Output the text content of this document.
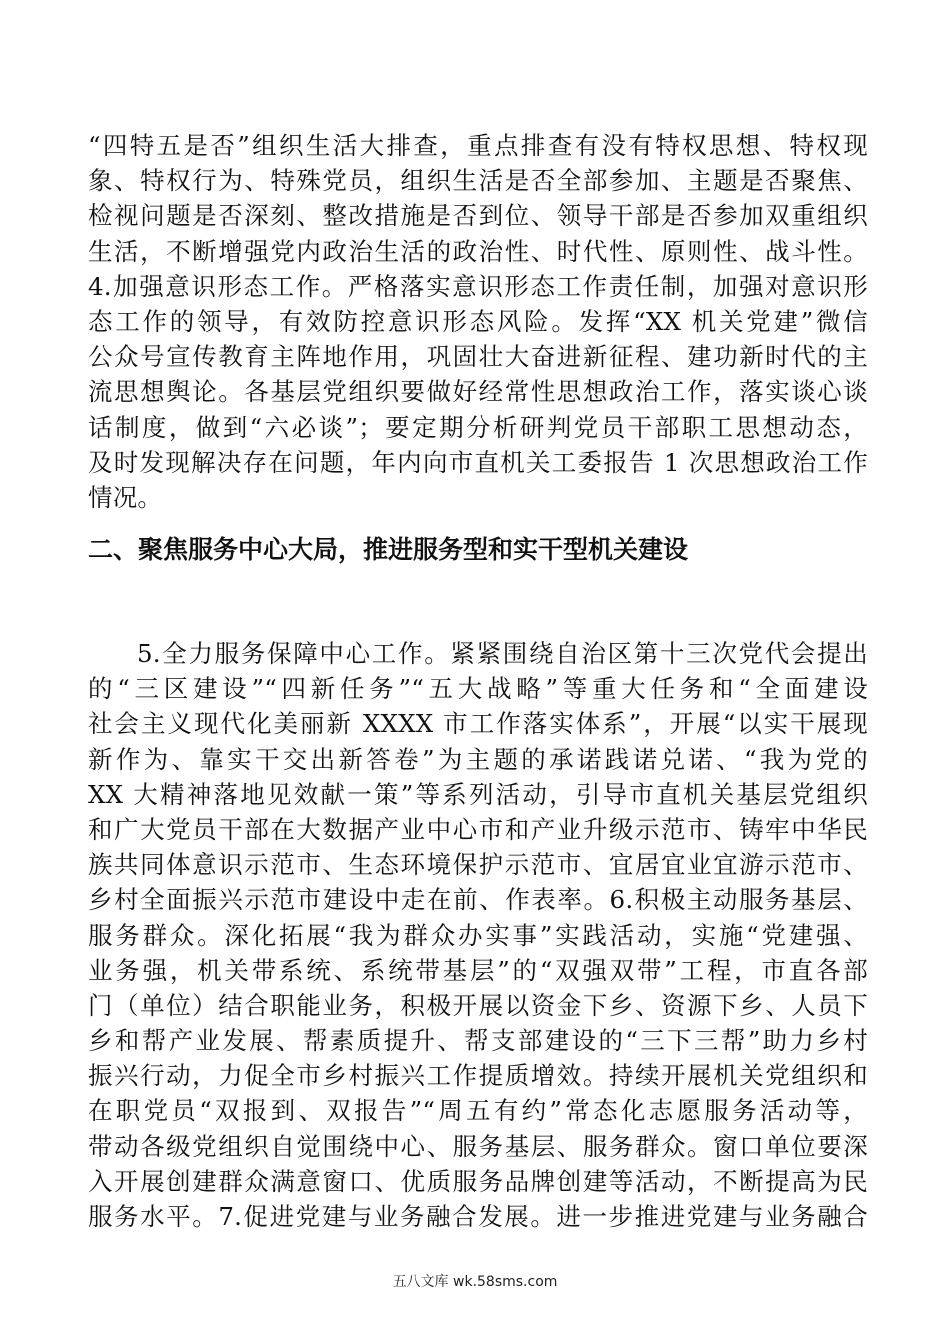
“四特五是否”组织生活大排查，重点排查有没有特权思想、特权现
象、特权行为、特殊党员，组织生活是否全部参加、主题是否聚焦、
检视问题是否深刻、整改措施是否到位、领导干部是否参加双重组织
生活，不断增强党内政治生活的政治性、时代性、原则性、战斗性。
4.加强意识形态工作。严格落实意识形态工作责任制，加强对意识形
态工作的领导，有效防控意识形态风险。发挥“XX 机关党建”微信
公众号宣传教育主阵地作用，巩固壮大奋进新征程、建功新时代的主
流思想舆论。各基层党组织要做好经常性思想政治工作，落实谈心谈
话制度，做到“六必谈”；要定期分析研判党员干部职工思想动态，
及时发现解决存在问题，年内向市直机关工委报告 1 次思想政治工作
情况。
二、聚焦服务中心大局，推进服务型和实干型机关建设
5.全力服务保障中心工作。紧紧围绕自治区第十三次党代会提出
的“三区建设”“四新任务”“五大战略”等重大任务和“全面建设
社会主义现代化美丽新 XXXX 市工作落实体系”，开展“以实干展现
新作为、靠实干交出新答卷”为主题的承诺践诺兑诺、“我为党的
XX 大精神落地见效献一策”等系列活动，引导市直机关基层党组织
和广大党员干部在大数据产业中心市和产业升级示范市、铸牢中华民
族共同体意识示范市、生态环境保护示范市、宜居宜业宜游示范市、
乡村全面振兴示范市建设中走在前、作表率。6.积极主动服务基层、
服务群众。深化拓展“我为群众办实事”实践活动，实施“党建强、
业务强，机关带系统、系统带基层”的“双强双带”工程，市直各部
门（单位）结合职能业务，积极开展以资金下乡、资源下乡、人员下
乡和帮产业发展、帮素质提升、帮支部建设的“三下三帮”助力乡村
振兴行动，力促全市乡村振兴工作提质增效。持续开展机关党组织和
在职党员“双报到、双报告”“周五有约”常态化志愿服务活动等，
带动各级党组织自觉围绕中心、服务基层、服务群众。窗口单位要深
入开展创建群众满意窗口、优质服务品牌创建等活动，不断提高为民
服务水平。7.促进党建与业务融合发展。进一步推进党建与业务融合
五八文库 wk.58sms.com
